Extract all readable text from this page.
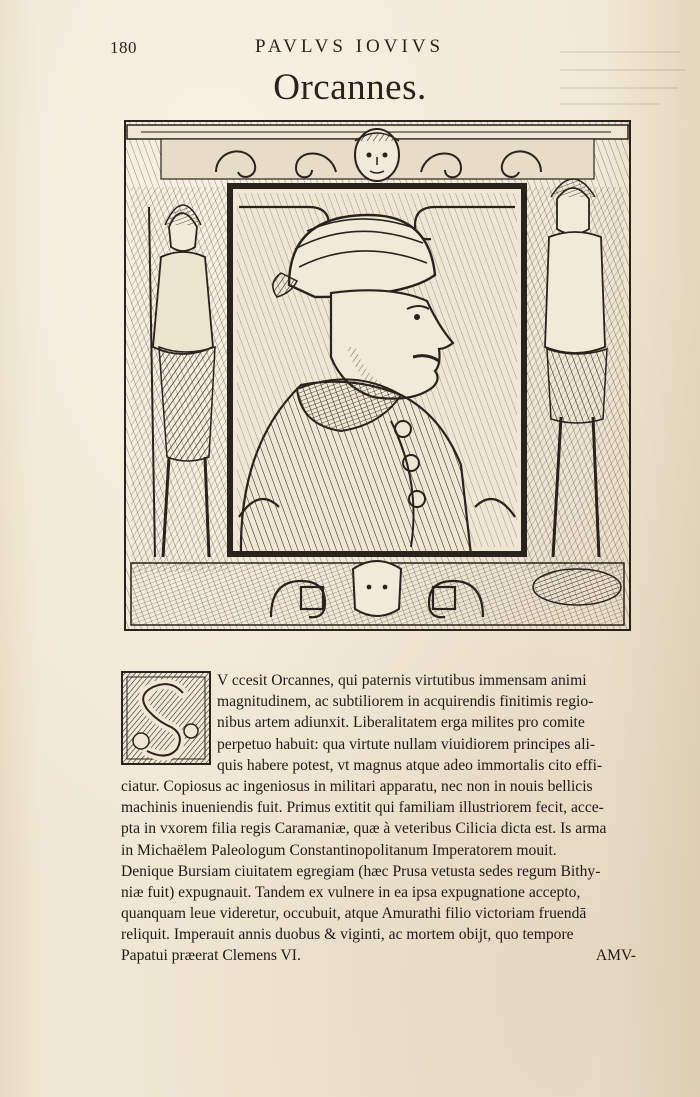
180	PAVLVS IOVIVS
Orcannes.
V ccesit Orcannes, qui paternis virtutibus immensam animi
magnitudinem, ac subtiliorem in acquirendis finitimis regio-
nibus artem adiunxit. Liberalitatem erga milites pro comite
perpetuo habuit: qua virtute nullam viuidiorem principes ali-
quis habere potest, vt magnus atque adeo immortalis cito effi-
ciatur. Copiosus ac ingeniosus in militari apparatu, nec non in nouis bellicis
machinis inueniendis fuit. Primus extitit qui familiam illustriorem fecit, accе-
pta in vxorem filia regis Caramaniæ, quæ à veteribus Cilicia dicta est. Is arma
in Michaëlem Paleologum Constantinopolitanum Imperatorem mouit.
Denique Bursiam ciuitatem egregiam (hæc Prusa vetusta sedes regum Bithy-
niæ fuit) expugnauit. Tandem ex vulnere in ea ipsa expugnatione accepto,
quanquam leue videretur, occubuit, atque Amurathi filio victoriam fruendā
reliquit. Imperauit annis duobus & viginti, ac mortem obijt, quo tempore
Papatui præerat Clemens VI.	AMV-
